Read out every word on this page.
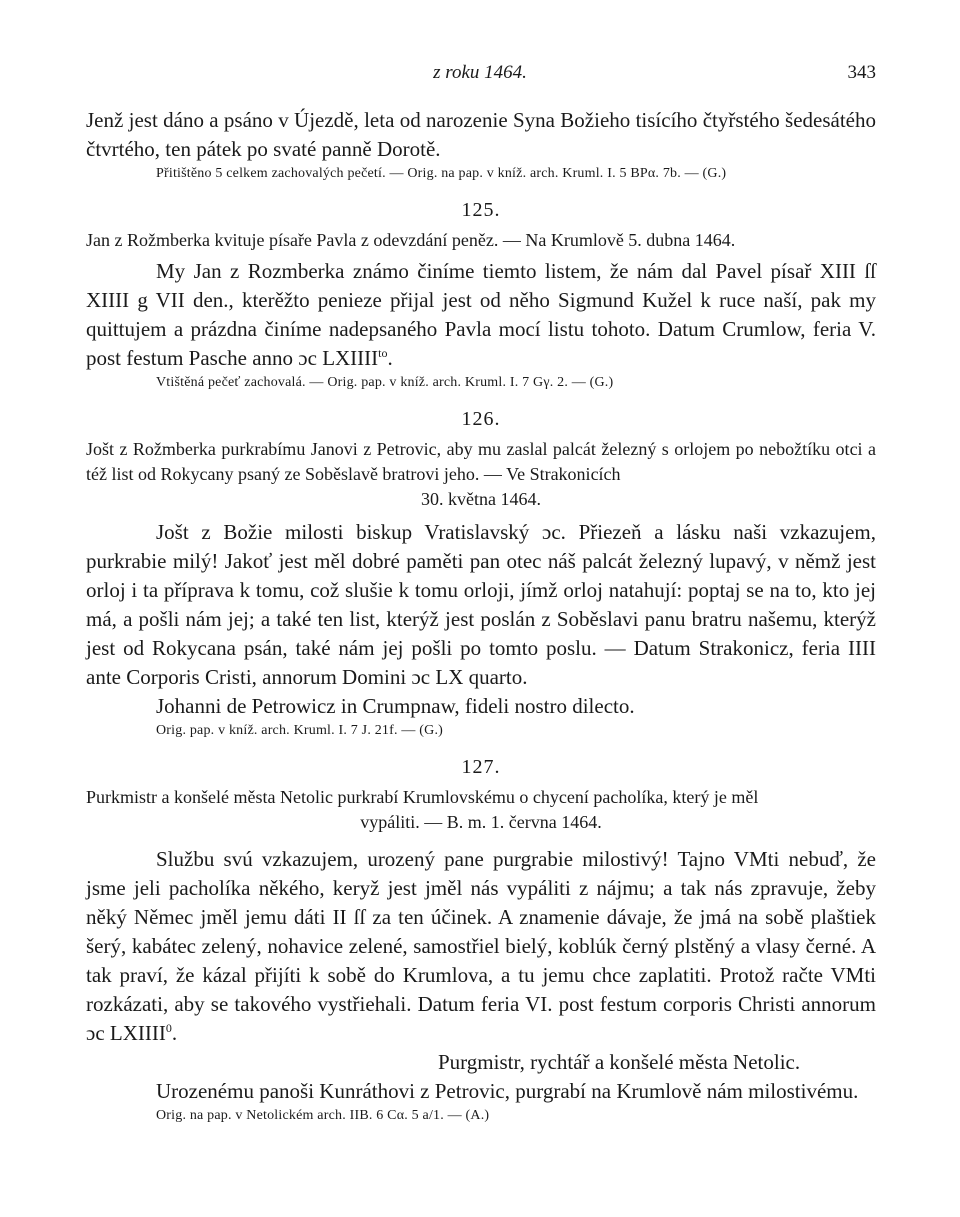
z roku 1464.	343

Jenž jest dáno a psáno v Újezdě, leta od narozenie Syna Božieho tisícího čtyřstého šedesátého čtvrtého, ten pátek po svaté panně Dorotě.

Přitištěno 5 celkem zachovalých pečetí. — Orig. na pap. v kníž. arch. Kruml. I. 5 BPα. 7b. — (G.)
125.

Jan z Rožmberka kvituje písaře Pavla z odevzdání peněz. — Na Krumlově 5. dubna 1464.

My Jan z Rozmberka známo činíme tiemto listem, že nám dal Pavel písař XIII ſſ XIIII g VII den., kterěžto penieze přijal jest od něho Sigmund Kužel k ruce naší, pak my quittujem a prázdna činíme nadepsaného Pavla mocí listu tohoto. Datum Crumlow, feria V. post festum Pasche anno ɔc $LXIIII^{to}$.

Vtištěná pečeť zachovalá. — Orig. pap. v kníž. arch. Kruml. I. 7 Gγ. 2. — (G.)
126.

Jošt z Rožmberka purkrabímu Janovi z Petrovic, aby mu zaslal palcát železný s orlojem po nebožtíku otci a též list od Rokycany psaný ze Soběslavě bratrovi jeho. — Ve Strakonicích

30. května 1464.

Jošt z Božie milosti biskup Vratislavský ɔc. Přiezeň a lásku naši vzkazujem, purkrabie milý! Jakoť jest měl dobré paměti pan otec náš palcát železný lupavý, v němž jest orloj i ta přípravа k tomu, což slušie k tomu orloji, jímž orloj natahují: poptaj se na to, kto jej má, a pošli nám jej; a také ten list, kterýž jest poslán z Soběslavi panu bratru našemu, kterýž jest od Rokycana psán, také nám jej pošli po tomto poslu. — Datum Strakonicz, feria IIII ante Corporis Cristi, annorum Domini ɔc LX quarto.

Johanni de Petrowicz in Crumpnaw, fideli nostro dilecto.
Orig. pap. v kníž. arch. Kruml. I. 7 J. 21f. — (G.)
127.

Purkmistr a konšelé města Netolic purkrabí Krumlovskému o chycení pacholíka, který je měl

vypáliti. — B. m. 1. června 1464.

Službu svú vzkazujem, urozený pane purgrabie milostivý! Tajno VMti nebuď, že jsme jeli pacholíka někého, keryž jest jměl nás vypáliti z nájmu; a tak nás zpravuje, žeby něký Němec jměl jemu dáti II ſſ za ten účinek. A znamenie dávaje, že jmá na sobě plaštiek šerý, kabátec zelený, nohavice zelené, samostřiel bielý, koblúk černý plstěný a vlasy černé. A tak praví, že kázal přijíti k sobě do Krumlova, a tu jemu chce zaplatiti. Protož račte VMti rozkázati, aby se takového vystřiehali. Datum feria VI. post festum corporis Christi annorum ɔc LXIIII$^0$.

Purgmistr, rychtář a konšelé města Netolic.
Urozenému panoši Kunráthovi z Petrovic, purgrabí na Krumlově nám milostivému.
Orig. na pap. v Netolickém arch. IIB. 6 Cα. 5 a/1. — (A.)
